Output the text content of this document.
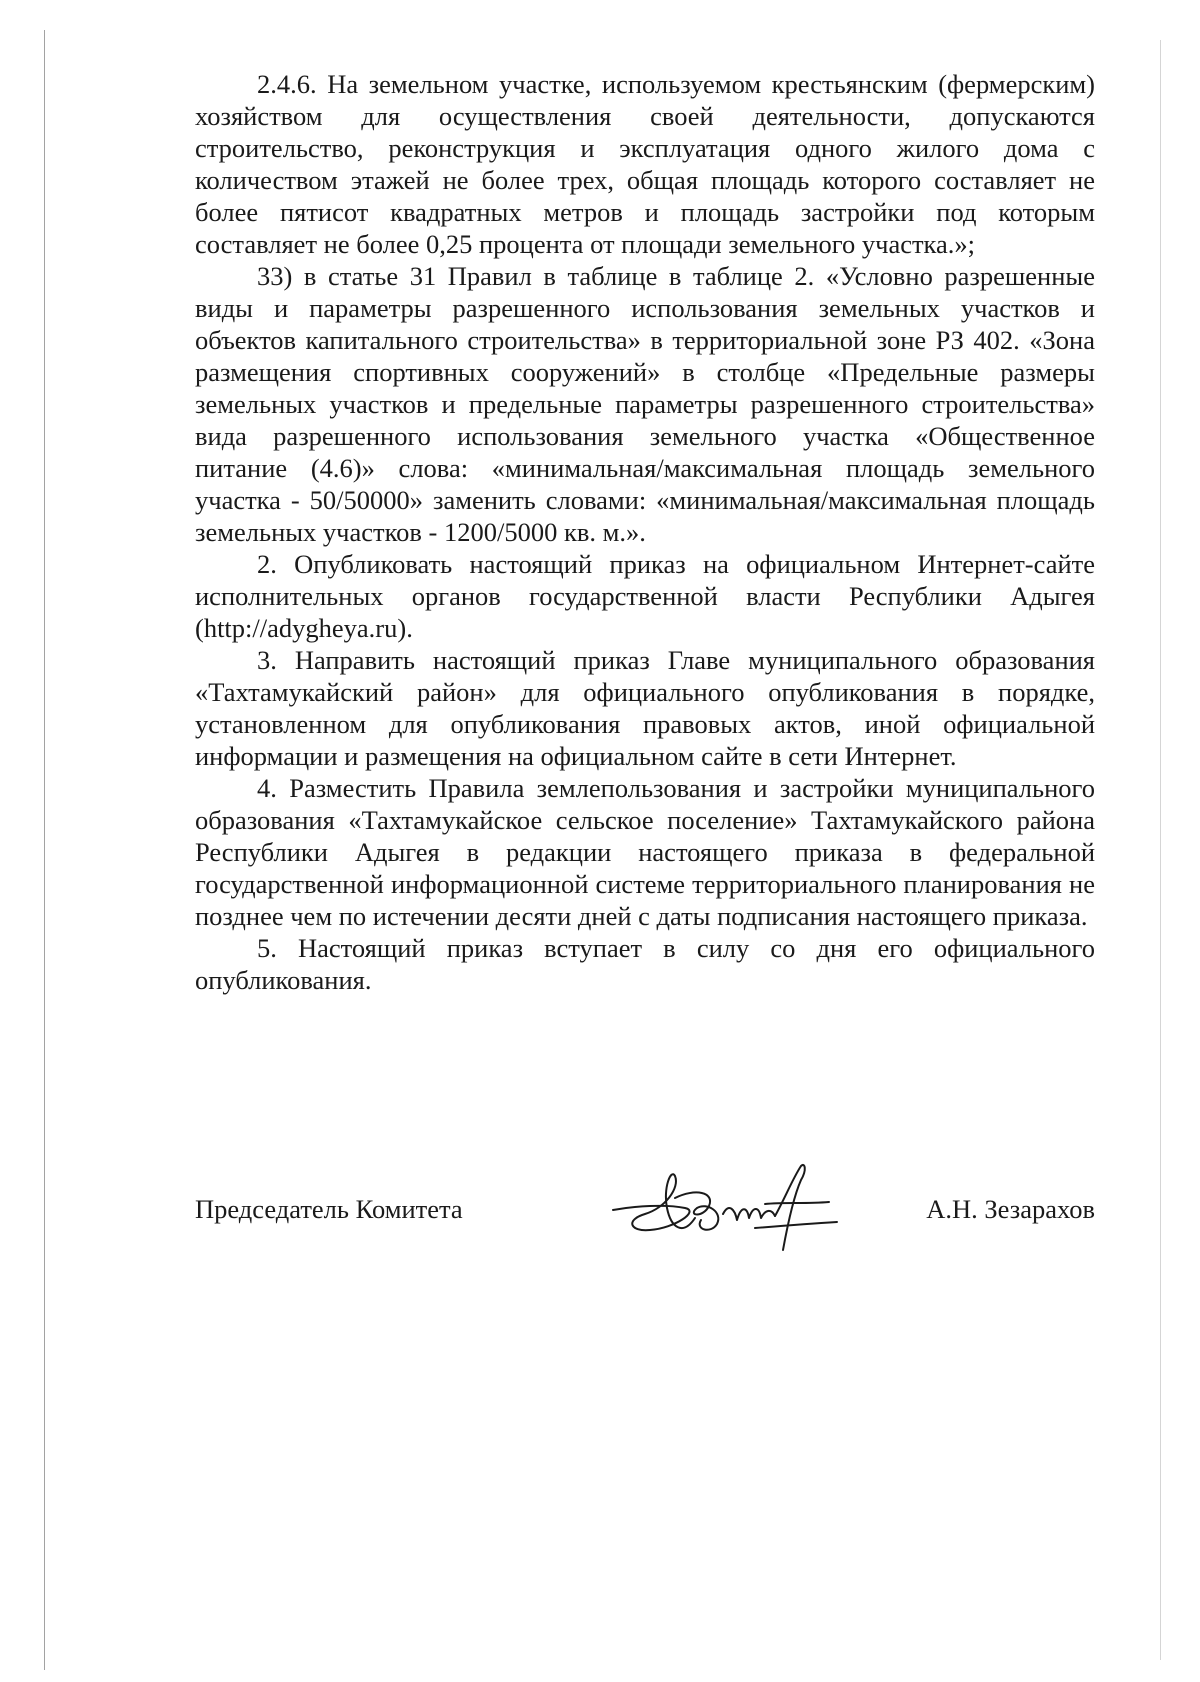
2.4.6. На земельном участке, используемом крестьянским (фермерским) хозяйством для осуществления своей деятельности, допускаются строительство, реконструкция и эксплуатация одного жилого дома с количеством этажей не более трех, общая площадь которого составляет не более пятисот квадратных метров и площадь застройки под которым составляет не более 0,25 процента от площади земельного участка.»;

33) в статье 31 Правил в таблице в таблице 2. «Условно разрешенные виды и параметры разрешенного использования земельных участков и объектов капитального строительства» в территориальной зоне РЗ 402. «Зона размещения спортивных сооружений» в столбце «Предельные размеры земельных участков и предельные параметры разрешенного строительства» вида разрешенного использования земельного участка «Общественное питание (4.6)» слова: «минимальная/максимальная площадь земельного участка - 50/50000» заменить словами: «минимальная/максимальная площадь земельных участков - 1200/5000 кв. м.».

2. Опубликовать настоящий приказ на официальном Интернет-сайте исполнительных органов государственной власти Республики Адыгея (http://adygheya.ru).

3. Направить настоящий приказ Главе муниципального образования «Тахтамукайский район» для официального опубликования в порядке, установленном для опубликования правовых актов, иной официальной информации и размещения на официальном сайте в сети Интернет.

4. Разместить Правила землепользования и застройки муниципального образования «Тахтамукайское сельское поселение» Тахтамукайского района Республики Адыгея в редакции настоящего приказа в федеральной государственной информационной системе территориального планирования не позднее чем по истечении десяти дней с даты подписания настоящего приказа.

5. Настоящий приказ вступает в силу со дня его официального опубликования.

Председатель Комитета	А.Н. Зезарахов
